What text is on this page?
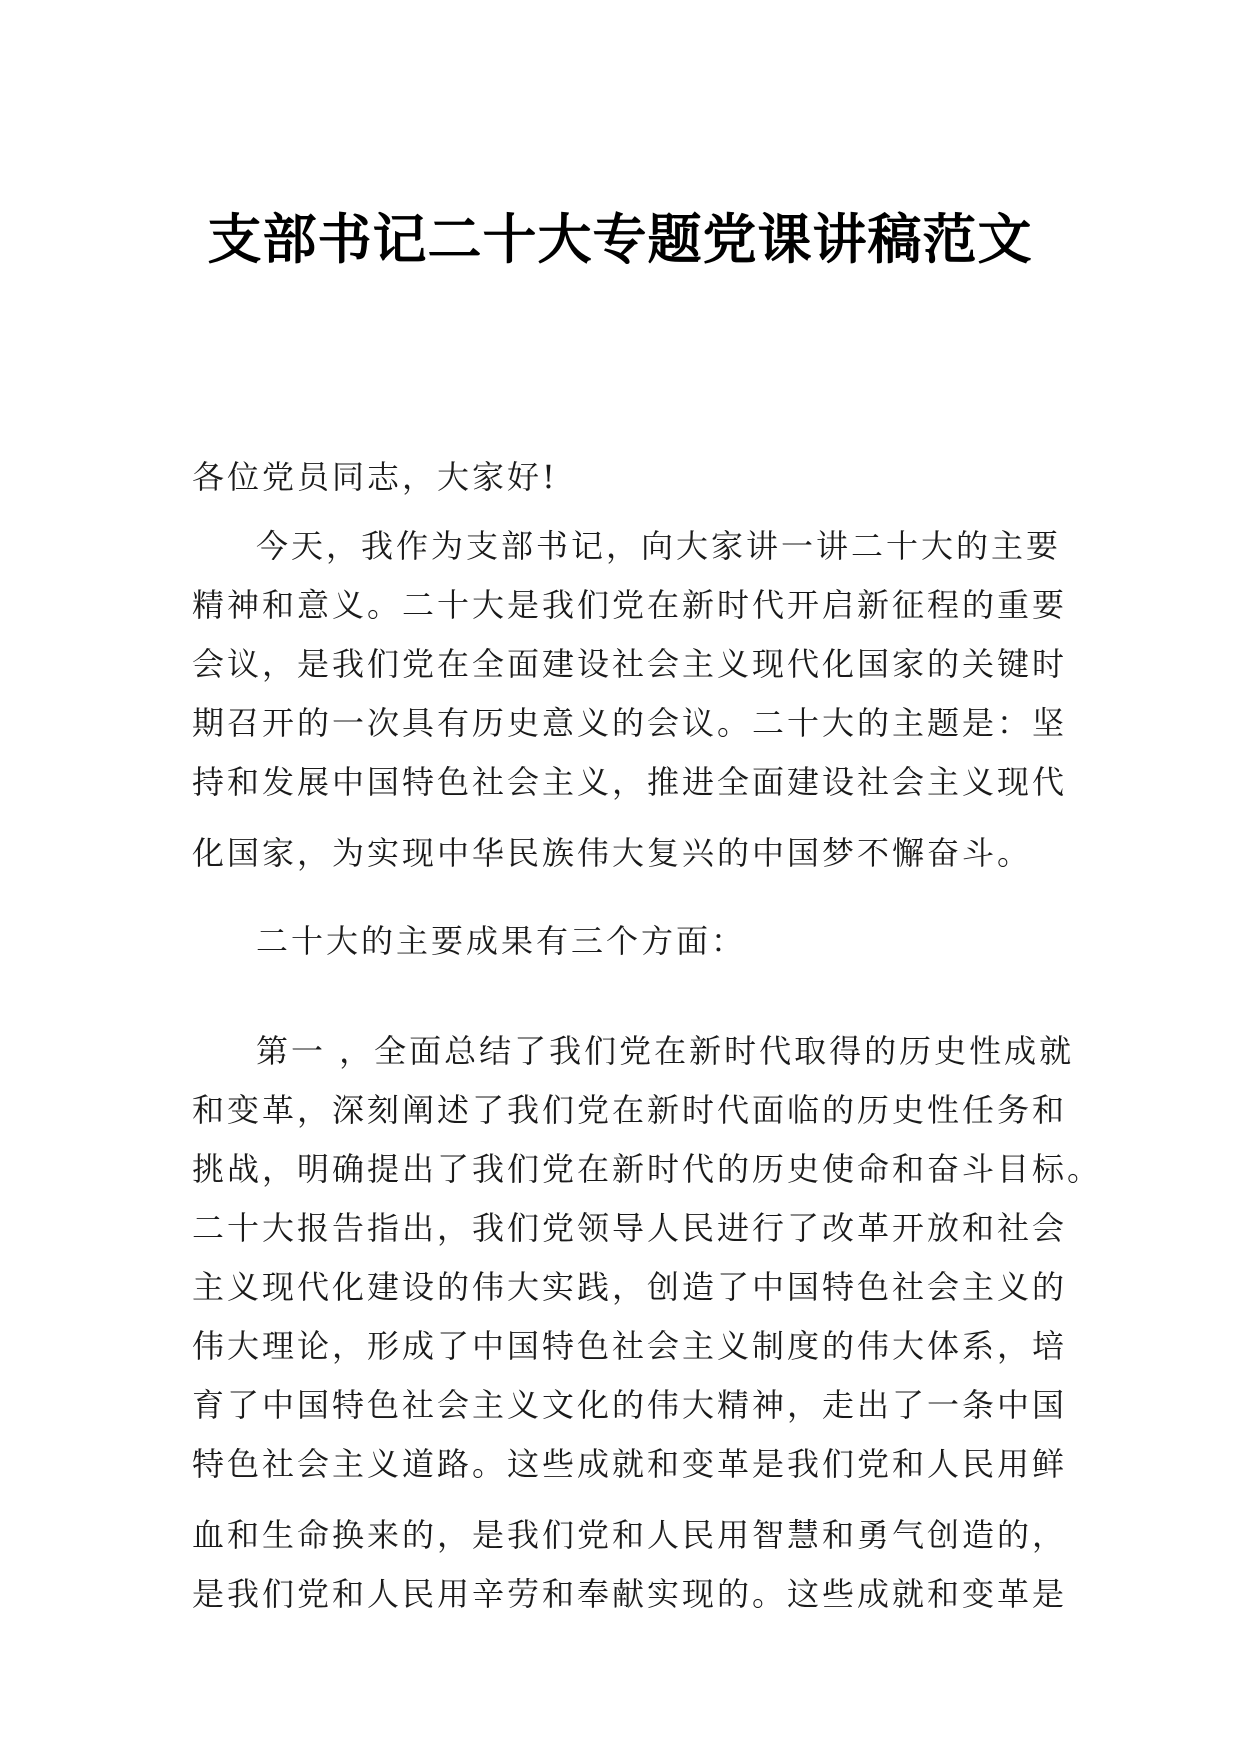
支部书记二十大专题党课讲稿范文
各位党员同志，大家好!
今天，我作为支部书记，向大家讲一讲二十大的主要
精神和意义。二十大是我们党在新时代开启新征程的重要
会议，是我们党在全面建设社会主义现代化国家的关键时
期召开的一次具有历史意义的会议。二十大的主题是：坚
持和发展中国特色社会主义，推进全面建设社会主义现代
化国家，为实现中华民族伟大复兴的中国梦不懈奋斗。
二十大的主要成果有三个方面：
第一 ，全面总结了我们党在新时代取得的历史性成就
和变革，深刻阐述了我们党在新时代面临的历史性任务和
挑战，明确提出了我们党在新时代的历史使命和奋斗目标。
二十大报告指出，我们党领导人民进行了改革开放和社会
主义现代化建设的伟大实践，创造了中国特色社会主义的
伟大理论，形成了中国特色社会主义制度的伟大体系，培
育了中国特色社会主义文化的伟大精神，走出了一条中国
特色社会主义道路。这些成就和变革是我们党和人民用鲜
血和生命换来的，是我们党和人民用智慧和勇气创造的，
是我们党和人民用辛劳和奉献实现的。这些成就和变革是
